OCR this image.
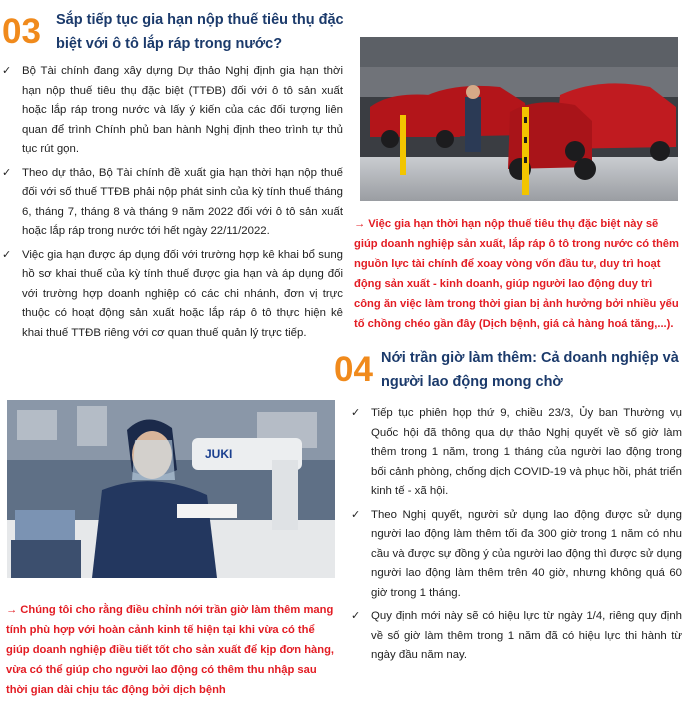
03 Sắp tiếp tục gia hạn nộp thuế tiêu thụ đặc biệt với ô tô lắp ráp trong nước?
✓ Bộ Tài chính đang xây dựng Dự thảo Nghị định gia hạn thời hạn nộp thuế tiêu thụ đặc biệt (TTĐB) đối với ô tô sản xuất hoặc lắp ráp trong nước và lấy ý kiến của các đối tượng liên quan để trình Chính phủ ban hành Nghị định theo trình tự thủ tục rút gọn.
✓ Theo dự thảo, Bộ Tài chính đề xuất gia hạn thời hạn nộp thuế đối với số thuế TTĐB phải nộp phát sinh của kỳ tính thuế tháng 6, tháng 7, tháng 8 và tháng 9 năm 2022 đối với ô tô sản xuất hoặc lắp ráp trong nước tới hết ngày 22/11/2022.
✓ Việc gia hạn được áp dụng đối với trường hợp kê khai bổ sung hồ sơ khai thuế của kỳ tính thuế được gia hạn và áp dụng đối với trường hợp doanh nghiệp có các chi nhánh, đơn vị trực thuộc có hoạt động sản xuất hoặc lắp ráp ô tô thực hiện kê khai thuế TTĐB riêng với cơ quan thuế quản lý trực tiếp.
→ Việc gia hạn thời hạn nộp thuế tiêu thụ đặc biệt này sẽ giúp doanh nghiệp sản xuất, lắp ráp ô tô trong nước có thêm nguồn lực tài chính để xoay vòng vốn đầu tư, duy trì hoạt động sản xuất - kinh doanh, giúp người lao động duy trì công ăn việc làm trong thời gian bị ảnh hưởng bởi nhiều yếu tố chồng chéo gần đây (Dịch bệnh, giá cả hàng hoá tăng,...).
04 Nới trần giờ làm thêm: Cả doanh nghiệp và người lao động mong chờ
JUKI
✓ Tiếp tục phiên họp thứ 9, chiều 23/3, Ủy ban Thường vụ Quốc hội đã thông qua dự thảo Nghị quyết về số giờ làm thêm trong 1 năm, trong 1 tháng của người lao động trong bối cảnh phòng, chống dịch COVID-19 và phục hồi, phát triển kinh tế - xã hội.
✓ Theo Nghị quyết, người sử dụng lao động được sử dụng người lao động làm thêm tối đa 300 giờ trong 1 năm có nhu cầu và được sự đồng ý của người lao động thì được sử dụng người lao động làm thêm trên 40 giờ, nhưng không quá 60 giờ trong 1 tháng.
✓ Quy định mới này sẽ có hiệu lực từ ngày 1/4, riêng quy định về số giờ làm thêm trong 1 năm đã có hiệu lực thi hành từ ngày đầu năm nay.
→ Chúng tôi cho rằng điều chỉnh nới trần giờ làm thêm mang tính phù hợp với hoàn cảnh kinh tế hiện tại khi vừa có thể giúp doanh nghiệp điều tiết tốt cho sản xuất để kịp đơn hàng, vừa có thể giúp cho người lao động có thêm thu nhập sau thời gian dài chịu tác động bởi dịch bệnh
